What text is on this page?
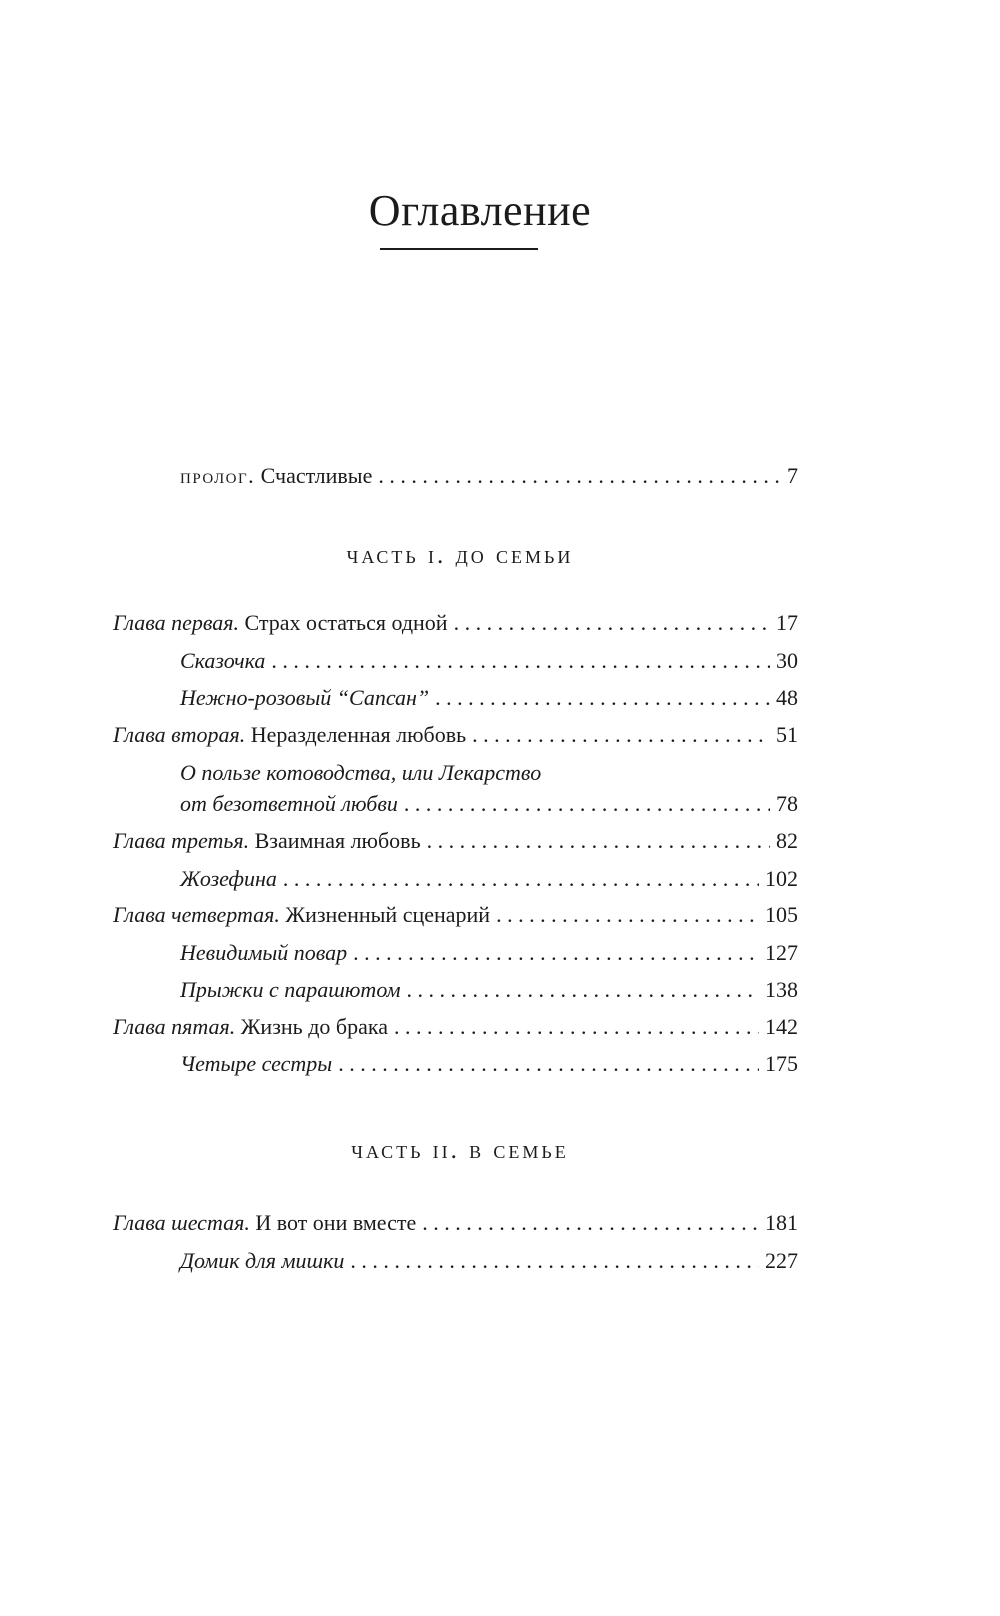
Оглавление
пролог. Счастливые . . .	7
часть i. до семьи
Глава первая. Страх остаться одной . . .	17
Сказочка . . .	30
Нежно-розовый “Сапсан” . . .	48
Глава вторая. Неразделенная любовь . . .	51
О пользе котоводства, или Лекарство
от безответной любви . . .	78
Глава третья. Взаимная любовь . . .	82
Жозефина . . .	102
Глава четвертая. Жизненный сценарий . . .	105
Невидимый повар . . .	127
Прыжки с парашютом . . .	138
Глава пятая. Жизнь до брака . . .	142
Четыре сестры . . .	175
часть ii. в семье
Глава шестая. И вот они вместе . . .	181
Домик для мишки . . .	227
